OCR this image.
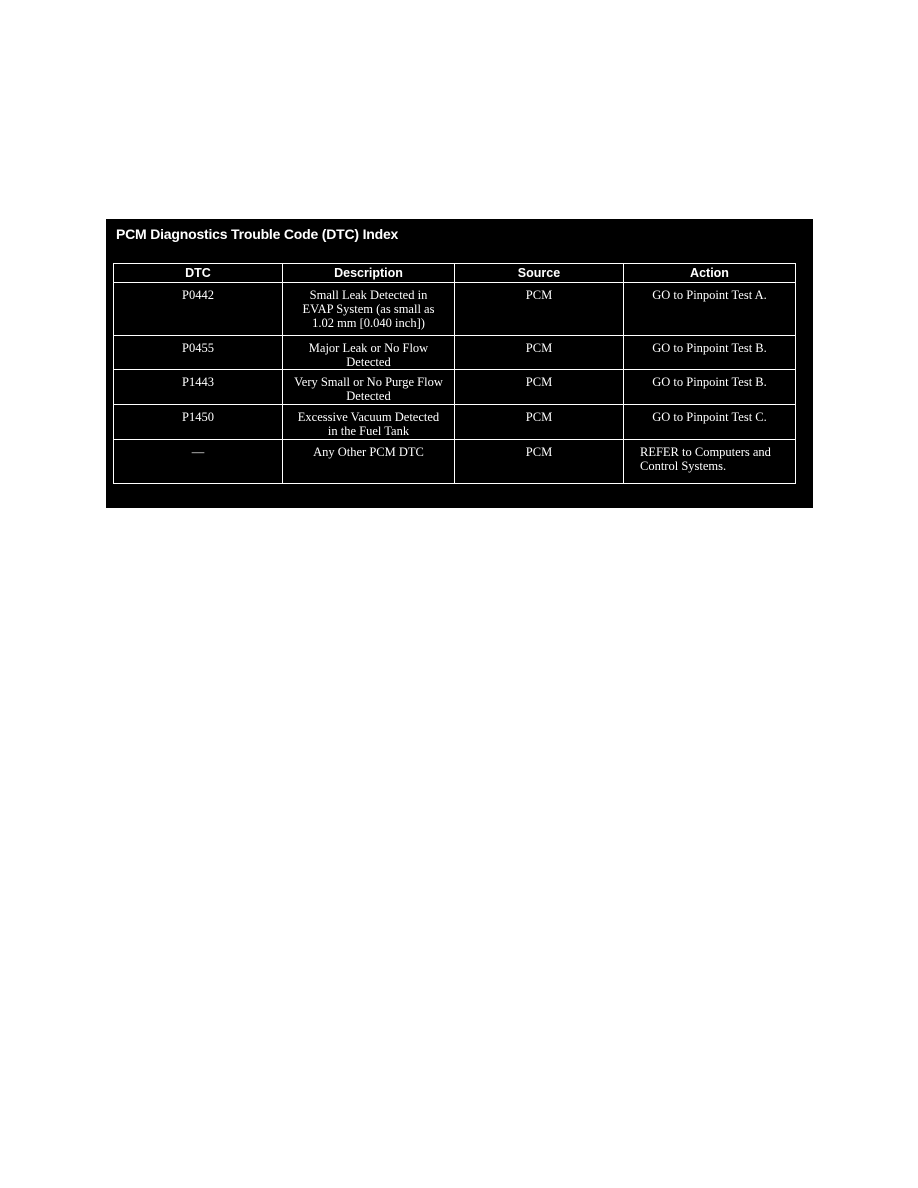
PCM Diagnostics Trouble Code (DTC) Index
DTC	Description	Source	Action
P0442	Small Leak Detected in
EVAP System (as small as
1.02 mm [0.040 inch])	PCM	GO to Pinpoint Test A.
P0455	Major Leak or No Flow
Detected	PCM	GO to Pinpoint Test B.
P1443	Very Small or No Purge Flow
Detected	PCM	GO to Pinpoint Test B.
P1450	Excessive Vacuum Detected
in the Fuel Tank	PCM	GO to Pinpoint Test C.
—	Any Other PCM DTC	PCM	REFER to Computers and
Control Systems.
